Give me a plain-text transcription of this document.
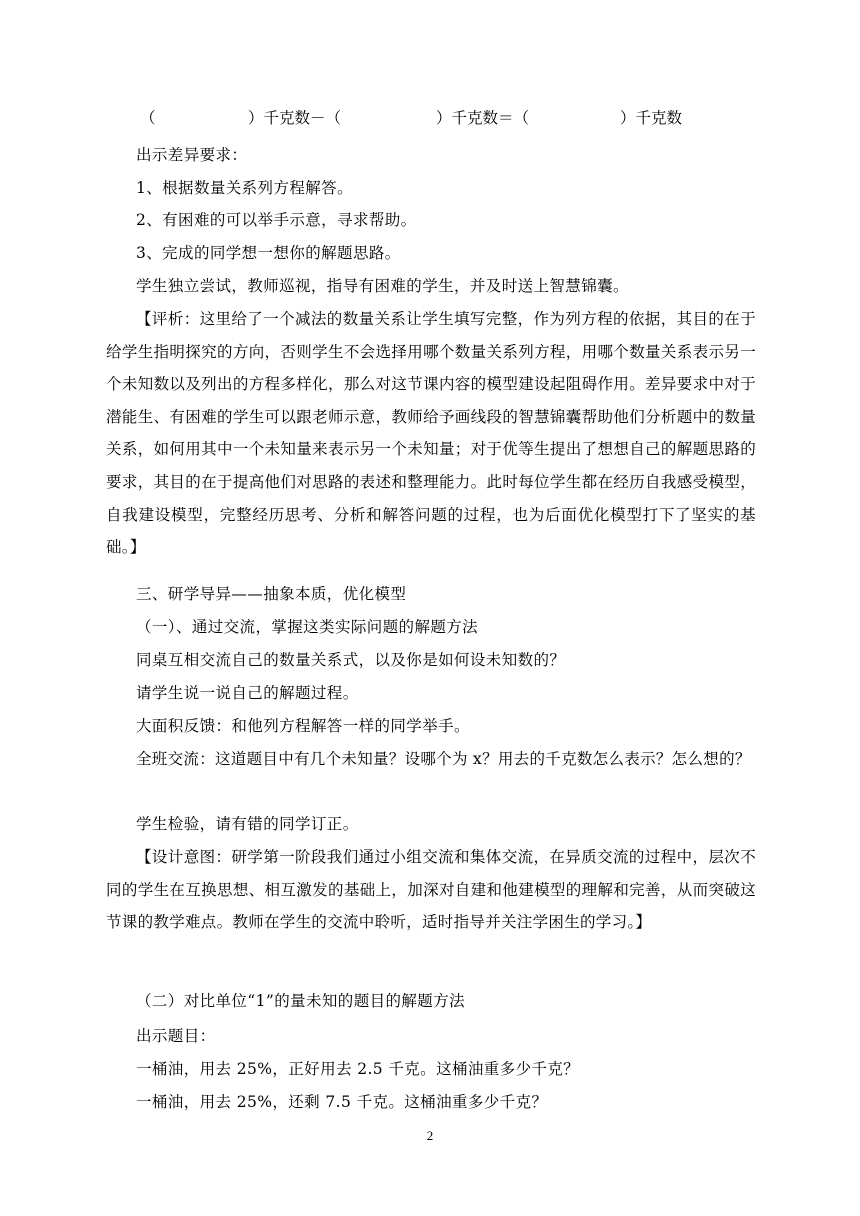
（	）千克数－（	）千克数＝（	）千克数
出示差异要求：
1、根据数量关系列方程解答。
2、有困难的可以举手示意，寻求帮助。
3、完成的同学想一想你的解题思路。
学生独立尝试，教师巡视，指导有困难的学生，并及时送上智慧锦囊。
【评析：这里给了一个减法的数量关系让学生填写完整，作为列方程的依据，其目的在于给学生指明探究的方向，否则学生不会选择用哪个数量关系列方程，用哪个数量关系表示另一个未知数以及列出的方程多样化，那么对这节课内容的模型建设起阻碍作用。差异要求中对于潜能生、有困难的学生可以跟老师示意，教师给予画线段的智慧锦囊帮助他们分析题中的数量关系，如何用其中一个未知量来表示另一个未知量；对于优等生提出了想想自己的解题思路的要求，其目的在于提高他们对思路的表述和整理能力。此时每位学生都在经历自我感受模型，自我建设模型，完整经历思考、分析和解答问题的过程，也为后面优化模型打下了坚实的基础。】
三、研学导异——抽象本质，优化模型
（一）、通过交流，掌握这类实际问题的解题方法
同桌互相交流自己的数量关系式，以及你是如何设未知数的？
请学生说一说自己的解题过程。
大面积反馈：和他列方程解答一样的同学举手。
全班交流：这道题目中有几个未知量？设哪个为 x？用去的千克数怎么表示？怎么想的？
学生检验，请有错的同学订正。
【设计意图：研学第一阶段我们通过小组交流和集体交流，在异质交流的过程中，层次不同的学生在互换思想、相互激发的基础上，加深对自建和他建模型的理解和完善，从而突破这节课的教学难点。教师在学生的交流中聆听，适时指导并关注学困生的学习。】
（二）对比单位“1”的量未知的题目的解题方法
出示题目：
一桶油，用去 25%，正好用去 2.5 千克。这桶油重多少千克？
一桶油，用去 25%，还剩 7.5 千克。这桶油重多少千克？
2
